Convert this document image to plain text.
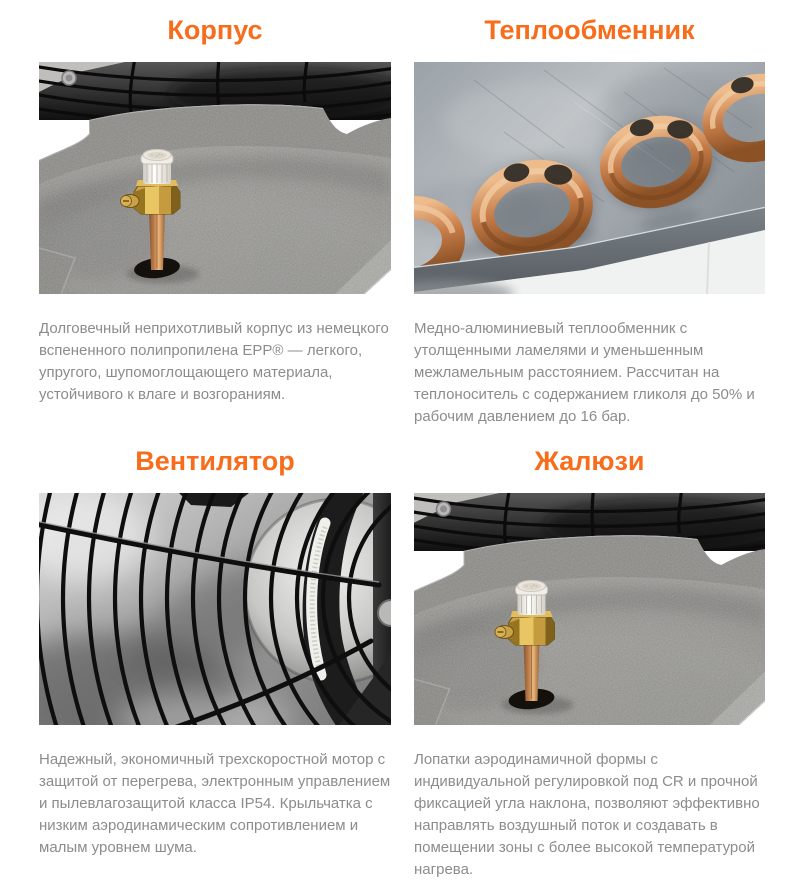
Корпус

Долговечный неприхотливый корпус из немецкого вспененного полипропилена EPP® — легкого, упругого, шупомоглощающего материала, устойчивого к влаге и возгораниям.

Теплообменник

Медно-алюминиевый теплообменник с утолщенными ламелями и уменьшенным межламельным расстоянием. Рассчитан на теплоноситель с содержанием гликоля до 50% и рабочим давлением до 16 бар.

Вентилятор

Надежный, экономичный трехскоростной мотор с защитой от перегрева, электронным управлением и пылевлагозащитой класса IP54. Крыльчатка с низким аэродинамическим сопротивлением и малым уровнем шума.

Жалюзи

Лопатки аэродинамичной формы с индивидуальной регулировкой под CR и прочной фиксацией угла наклона, позволяют эффективно направлять воздушный поток и создавать в помещении зоны с более высокой температурой нагрева.
